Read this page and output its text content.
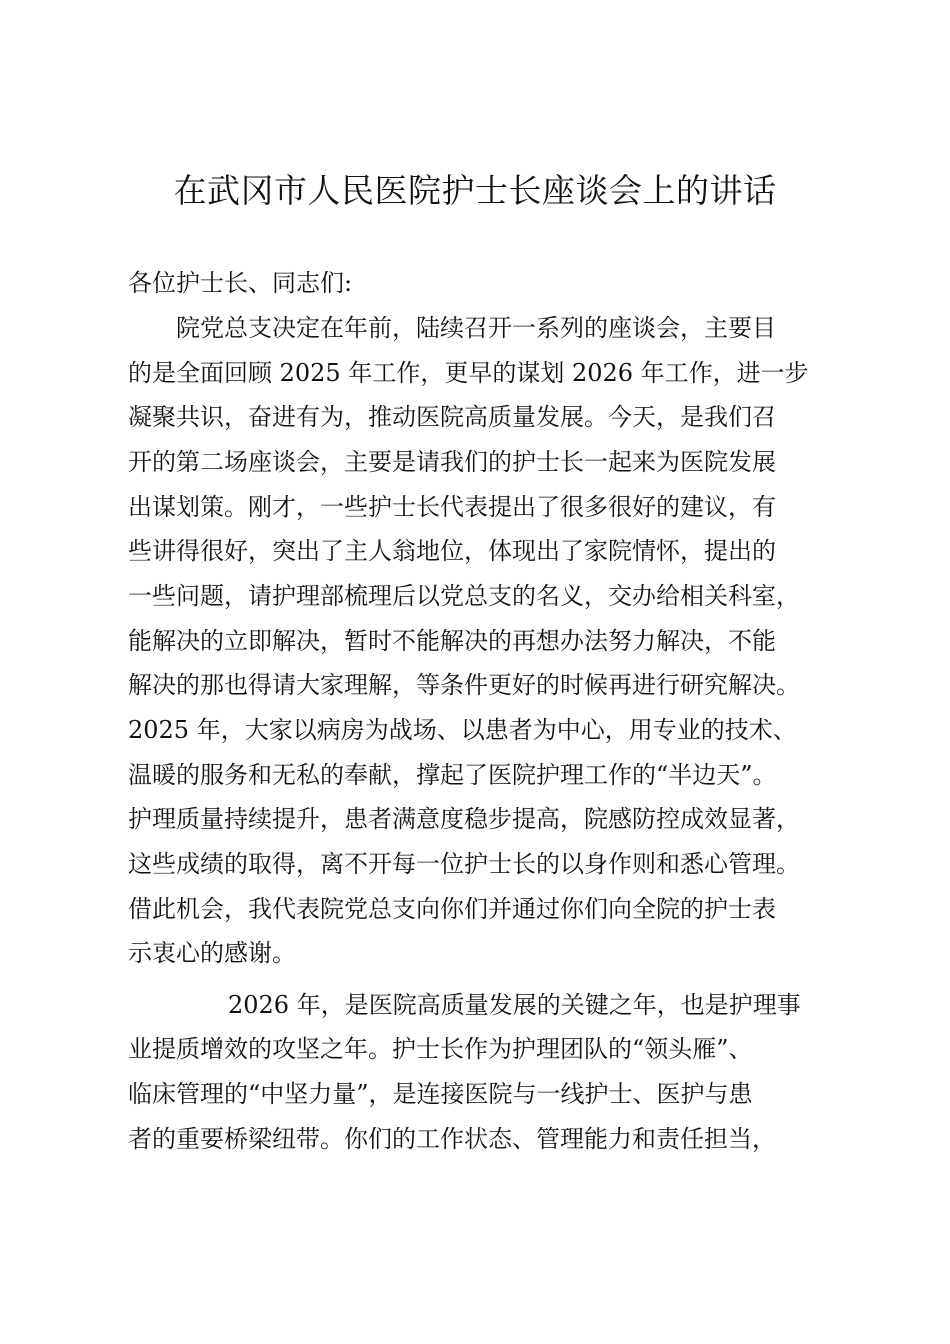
在武冈市人民医院护士长座谈会上的讲话
各位护士长、同志们:
院党总支决定在年前，陆续召开一系列的座谈会，主要目
的是全面回顾 2025 年工作，更早的谋划 2026 年工作，进一步
凝聚共识，奋进有为，推动医院高质量发展。今天，是我们召
开的第二场座谈会，主要是请我们的护士长一起来为医院发展
出谋划策。刚才，一些护士长代表提出了很多很好的建议，有
些讲得很好，突出了主人翁地位，体现出了家院情怀，提出的
一些问题，请护理部梳理后以党总支的名义，交办给相关科室，
能解决的立即解决，暂时不能解决的再想办法努力解决，不能
解决的那也得请大家理解，等条件更好的时候再进行研究解决。
2025 年，大家以病房为战场、以患者为中心，用专业的技术、
温暖的服务和无私的奉献，撑起了医院护理工作的“半边天”。
护理质量持续提升，患者满意度稳步提高，院感防控成效显著，
这些成绩的取得，离不开每一位护士长的以身作则和悉心管理。
借此机会，我代表院党总支向你们并通过你们向全院的护士表
示衷心的感谢。
2026 年，是医院高质量发展的关键之年，也是护理事
业提质增效的攻坚之年。护士长作为护理团队的“领头雁”、
临床管理的“中坚力量”，是连接医院与一线护士、医护与患
者的重要桥梁纽带。你们的工作状态、管理能力和责任担当，
